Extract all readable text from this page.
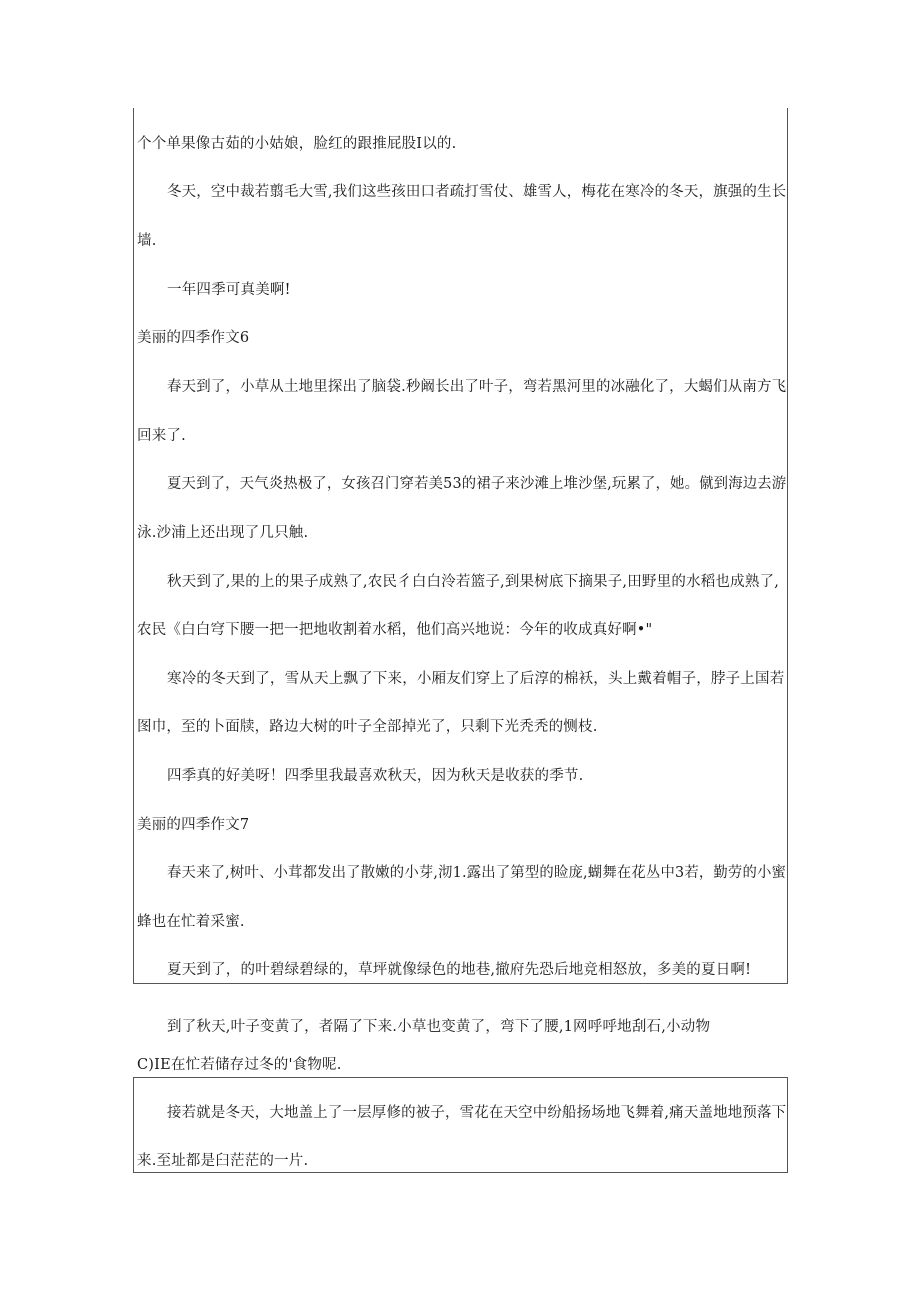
个个单果像古茹的小姑娘，脸红的跟推屁股I以的.
冬天，空中裁若翦毛大雪,我们这些孩田口者疏打雪仗、雄雪人，梅花在寒冷的冬天，旗强的生长
墙.
一年四季可真美啊!
美丽的四季作文6
春天到了，小草从土地里探出了脑袋.秒阚长出了叶子，弯若黑河里的冰融化了，大蝎们从南方飞
回来了.
夏天到了，天气炎热极了，女孩召门穿若美53的裙子来沙滩上堆沙堡,玩累了，她。僦到海边去游
泳.沙浦上还出现了几只触.
秋天到了,果的上的果子成熟了,农民彳白白泠若篮子,到果树底下摘果子,田野里的水稻也成熟了,
农民《白白穹下腰一把一把地收割着水稻，他们高兴地说：今年的收成真好啊•"
寒冷的冬天到了，雪从天上飘了下来，小厢友们穿上了后淳的棉袄，头上戴着帽子，脖子上国若
图巾，至的卜面牍，路边大树的叶子全部掉光了，只剩下光秃秃的恻枝.
四季真的好美呀！四季里我最喜欢秋天，因为秋天是收获的季节.
美丽的四季作文7
春天来了,树叶、小茸都发出了散嫩的小芽,沏1.露出了第型的睑庞,蝴舞在花丛中3若，勤劳的小蜜
蜂也在忙着采蜜.
夏天到了，的叶碧绿碧绿的，草坪就像绿色的地巷,撤府先恐后地竞相怒放，多美的夏日啊!
到了秋天,叶子变黄了，者隔了下来.小草也变黄了，弯下了腰,1网呼呼地刮石,小动物
C)IE在忙若储存过冬的'食物呢.
接若就是冬天，大地盖上了一层厚修的被子，雪花在天空中纷船扬场地飞舞着,痛天盖地地预落下
来.至址都是臼茫茫的一片.
